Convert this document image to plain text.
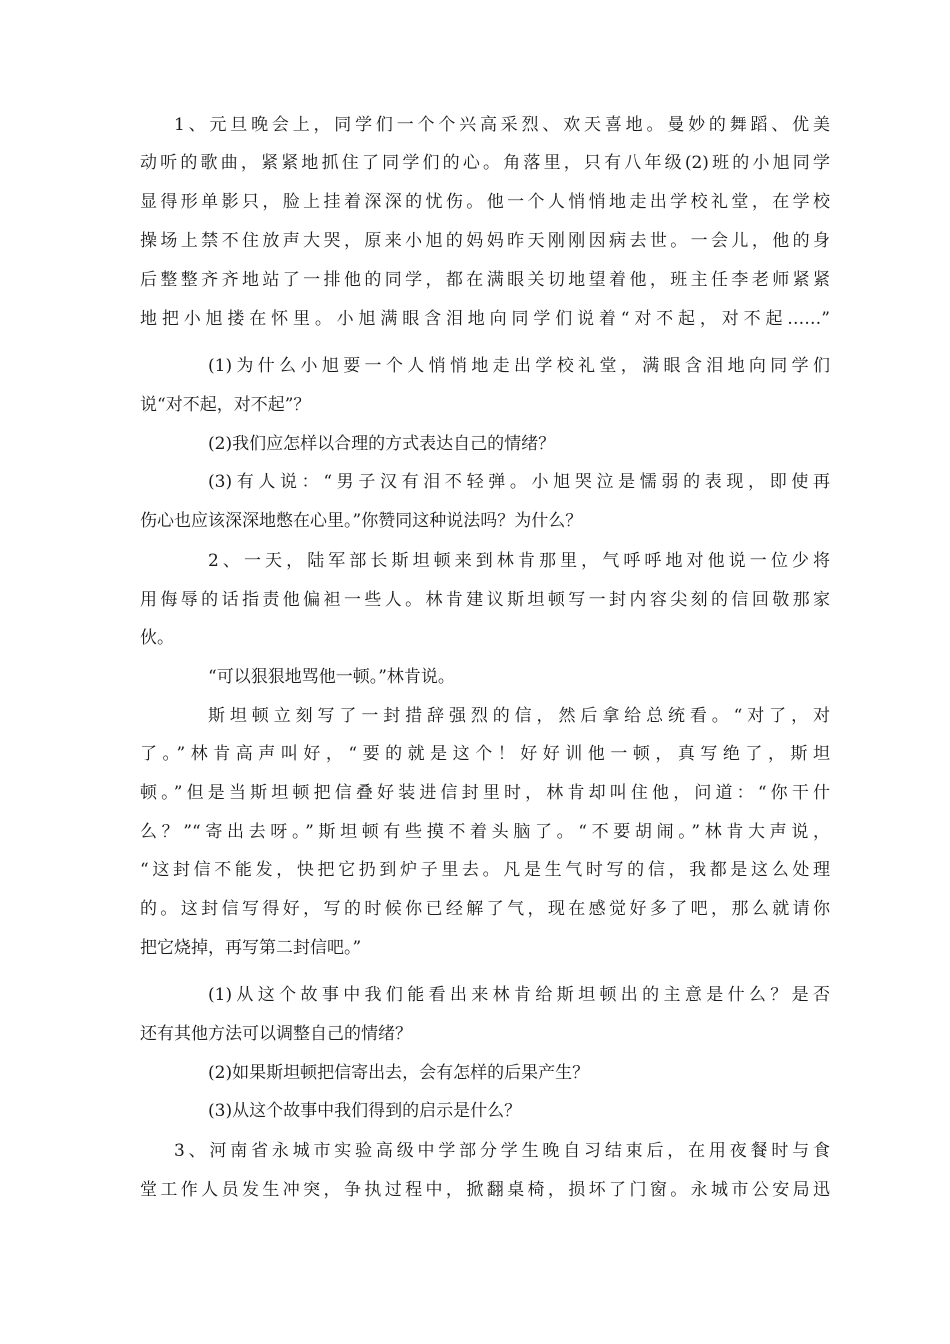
1、元旦晚会上，同学们一个个兴高采烈、欢天喜地。曼妙的舞蹈、优美
动听的歌曲，紧紧地抓住了同学们的心。角落里，只有八年级(2)班的小旭同学
显得形单影只，脸上挂着深深的忧伤。他一个人悄悄地走出学校礼堂，在学校
操场上禁不住放声大哭，原来小旭的妈妈昨天刚刚因病去世。一会儿，他的身
后整整齐齐地站了一排他的同学，都在满眼关切地望着他，班主任李老师紧紧
地把小旭搂在怀里。小旭满眼含泪地向同学们说着“对不起，对不起……”
(1)为什么小旭要一个人悄悄地走出学校礼堂，满眼含泪地向同学们
说“对不起，对不起”？
(2)我们应怎样以合理的方式表达自己的情绪？
(3)有人说：“男子汉有泪不轻弹。小旭哭泣是懦弱的表现，即使再
伤心也应该深深地憋在心里。”你赞同这种说法吗？为什么？
2、一天，陆军部长斯坦顿来到林肯那里，气呼呼地对他说一位少将
用侮辱的话指责他偏袒一些人。林肯建议斯坦顿写一封内容尖刻的信回敬那家
伙。
“可以狠狠地骂他一顿。”林肯说。
斯坦顿立刻写了一封措辞强烈的信，然后拿给总统看。“对了，对
了。”林肯高声叫好，“要的就是这个！好好训他一顿，真写绝了，斯坦
顿。”但是当斯坦顿把信叠好装进信封里时，林肯却叫住他，问道：“你干什
么？”“寄出去呀。”斯坦顿有些摸不着头脑了。“不要胡闹。”林肯大声说，
“这封信不能发，快把它扔到炉子里去。凡是生气时写的信，我都是这么处理
的。这封信写得好，写的时候你已经解了气，现在感觉好多了吧，那么就请你
把它烧掉，再写第二封信吧。”
(1)从这个故事中我们能看出来林肯给斯坦顿出的主意是什么？是否
还有其他方法可以调整自己的情绪？
(2)如果斯坦顿把信寄出去，会有怎样的后果产生？
(3)从这个故事中我们得到的启示是什么？
3、河南省永城市实验高级中学部分学生晚自习结束后，在用夜餐时与食
堂工作人员发生冲突，争执过程中，掀翻桌椅，损坏了门窗。永城市公安局迅
